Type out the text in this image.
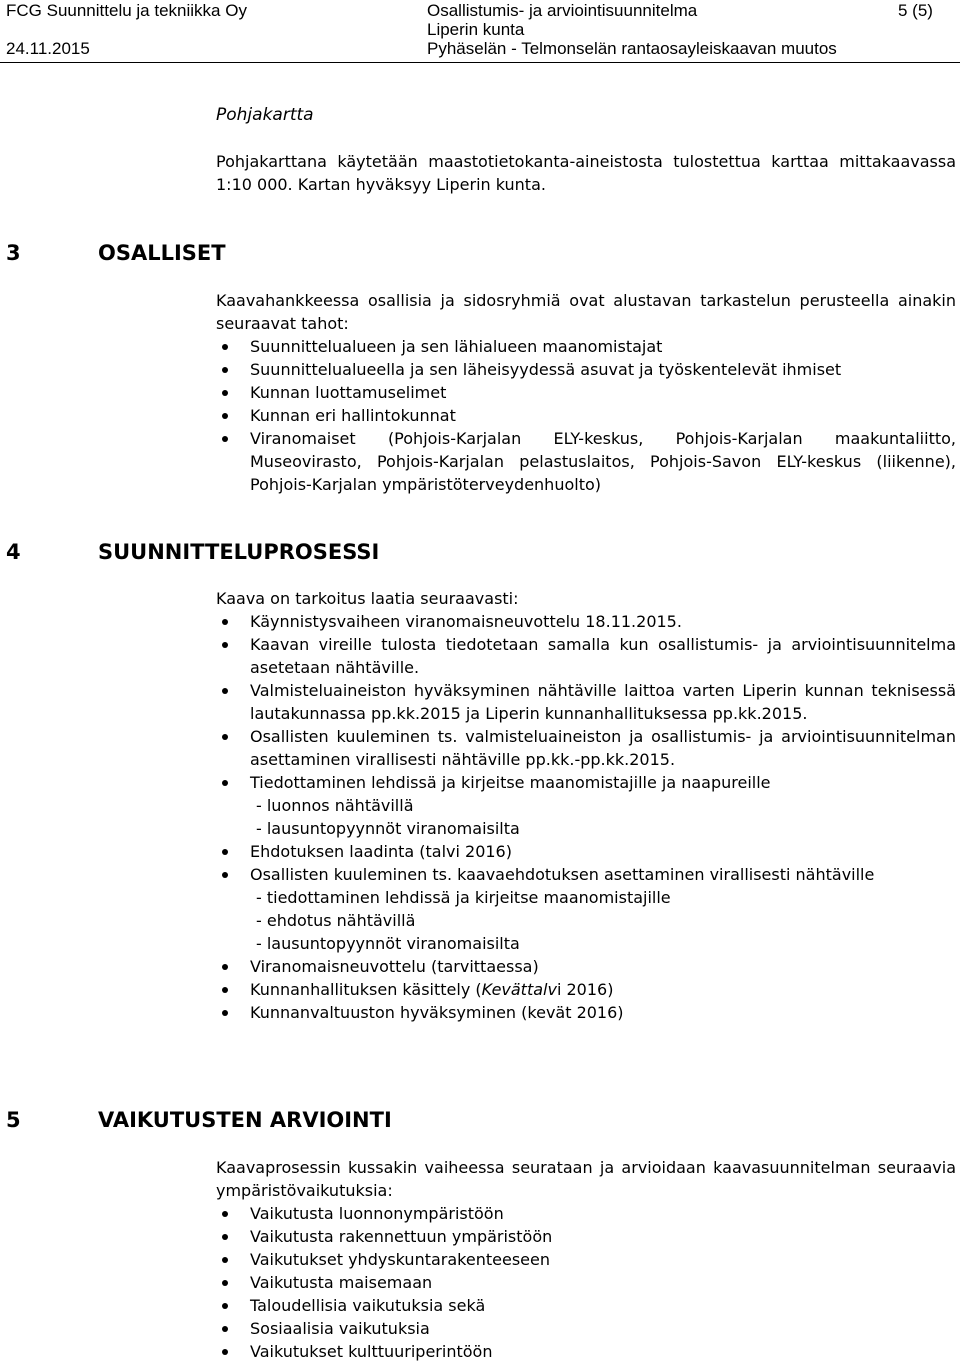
FCG Suunnittelu ja tekniikka Oy
24.11.2015
Osallistumis- ja arviointisuunnitelma
Liperin kunta
Pyhäselän - Telmonselän rantaosayleiskaavan muutos
5 (5)
Pohjakartta

Pohjakarttana käytetään maastotietokanta-aineistosta tulostettua karttaa mittakaavassa 1:10 000. Kartan hyväksyy Liperin kunta.

3	OSALLISET

Kaavahankkeessa osallisia ja sidosryhmiä ovat alustavan tarkastelun perusteella ainakin seuraavat tahot:

Suunnittelualueen ja sen lähialueen maanomistajat
Suunnittelualueella ja sen läheisyydessä asuvat ja työskentelevät ihmiset
Kunnan luottamuselimet
Kunnan eri hallintokunnat
Viranomaiset (Pohjois-Karjalan ELY-keskus, Pohjois-Karjalan maakuntaliitto, Museovirasto, Pohjois-Karjalan pelastuslaitos, Pohjois-Savon ELY-keskus (liikenne), Pohjois-Karjalan ympäristöterveydenhuolto)
4	SUUNNITTELUPROSESSI

Kaava on tarkoitus laatia seuraavasti:

Käynnistysvaiheen viranomaisneuvottelu 18.11.2015.
Kaavan vireille tulosta tiedotetaan samalla kun osallistumis- ja arviointisuunnitelma asetetaan nähtäville.
Valmisteluaineiston hyväksyminen nähtäville laittoa varten Liperin kunnan teknisessä lautakunnassa pp.kk.2015 ja Liperin kunnanhallituksessa pp.kk.2015.
Osallisten kuuleminen ts. valmisteluaineiston ja osallistumis- ja arviointisuunnitelman asettaminen virallisesti nähtäville pp.kk.-pp.kk.2015.
Tiedottaminen lehdissä ja kirjeitse maanomistajille ja naapureille
- luonnos nähtävillä
- lausuntopyynnöt viranomaisilta
Ehdotuksen laadinta (talvi 2016)
Osallisten kuuleminen ts. kaavaehdotuksen asettaminen virallisesti nähtäville
- tiedottaminen lehdissä ja kirjeitse maanomistajille
- ehdotus nähtävillä
- lausuntopyynnöt viranomaisilta
Viranomaisneuvottelu (tarvittaessa)
Kunnanhallituksen käsittely (Kevättalvi 2016)
Kunnanvaltuuston hyväksyminen (kevät 2016)
5	VAIKUTUSTEN ARVIOINTI

Kaavaprosessin kussakin vaiheessa seurataan ja arvioidaan kaavasuunnitelman seuraavia ympäristövaikutuksia:

Vaikutusta luonnonympäristöön
Vaikutusta rakennettuun ympäristöön
Vaikutukset yhdyskuntarakenteeseen
Vaikutusta maisemaan
Taloudellisia vaikutuksia sekä
Sosiaalisia vaikutuksia
Vaikutukset kulttuuriperintöön
